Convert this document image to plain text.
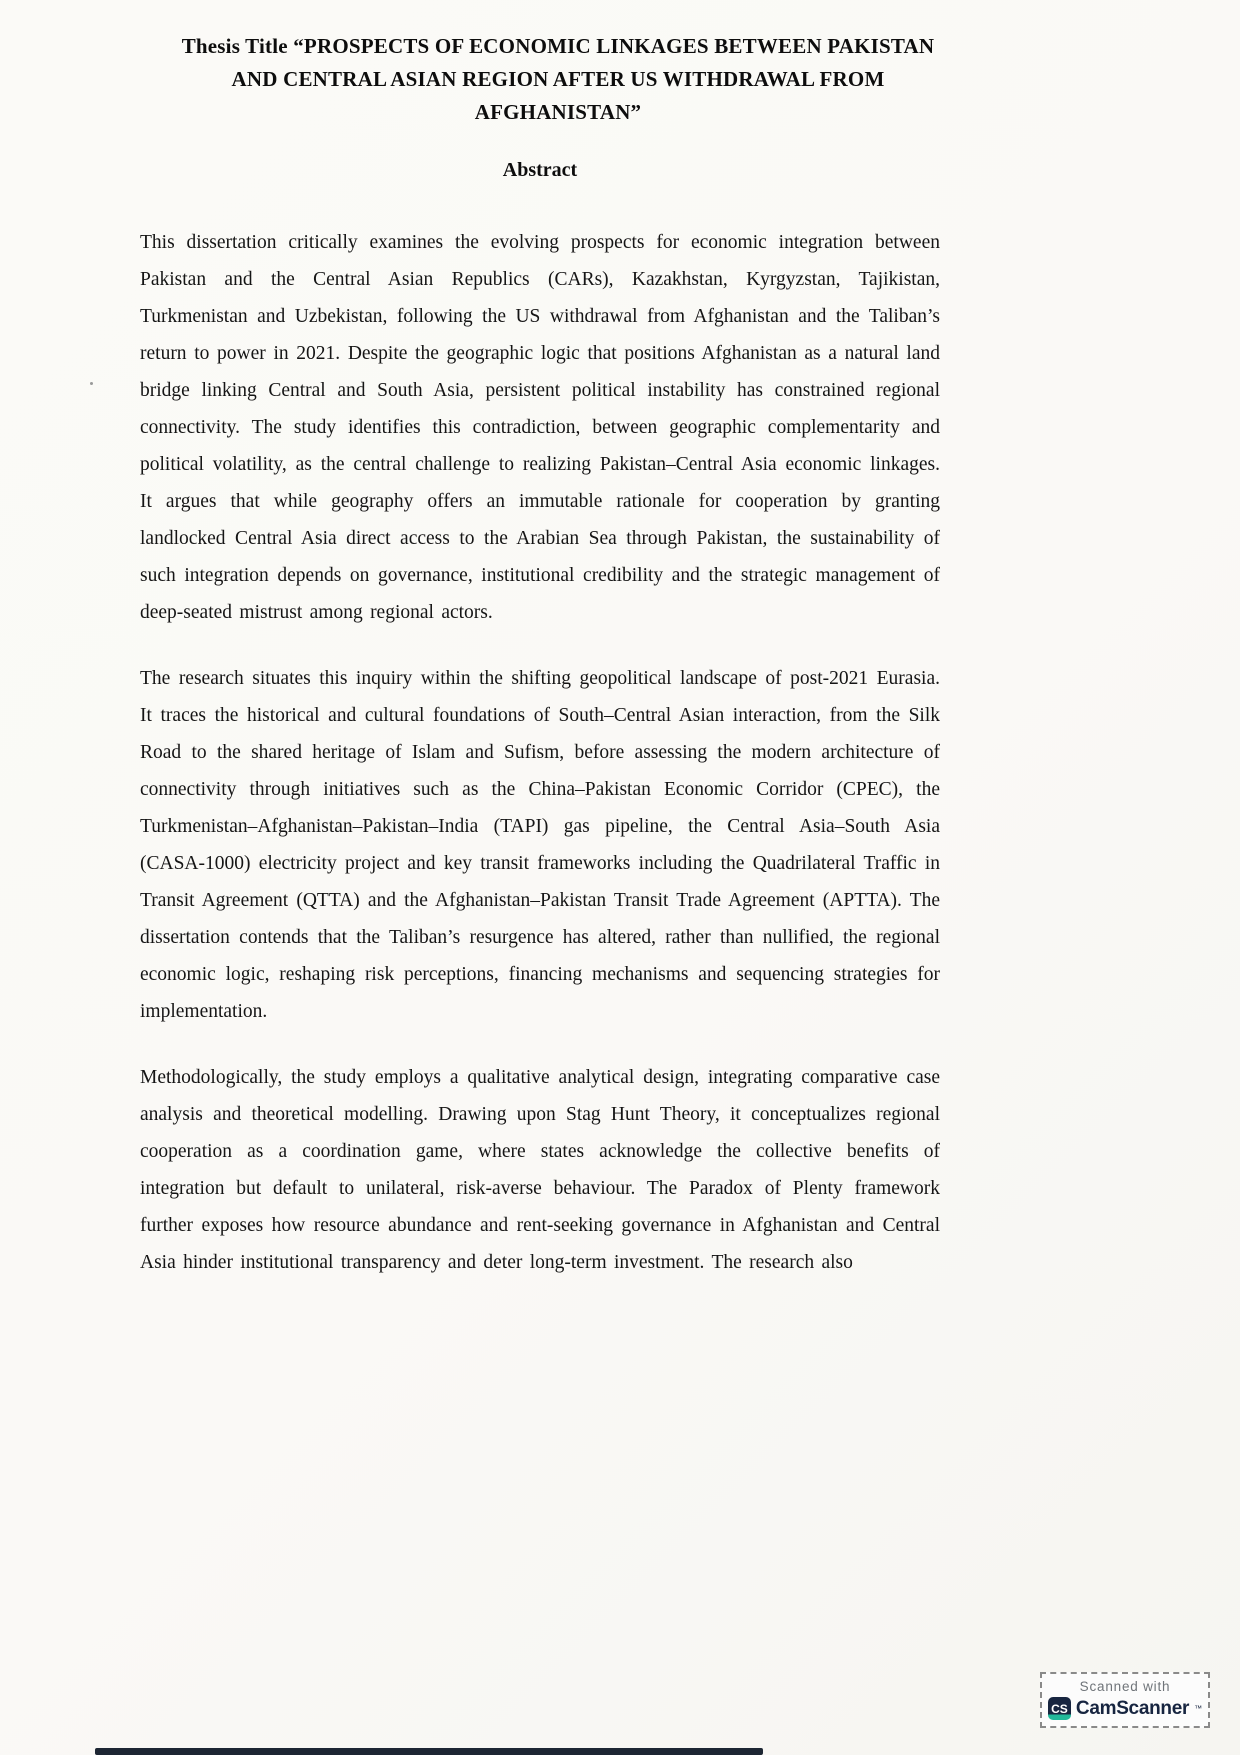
Thesis Title “PROSPECTS OF ECONOMIC LINKAGES BETWEEN PAKISTAN
AND CENTRAL ASIAN REGION AFTER US WITHDRAWAL FROM
AFGHANISTAN”
Abstract

This dissertation critically examines the evolving prospects for economic integration between Pakistan and the Central Asian Republics (CARs), Kazakhstan, Kyrgyzstan, Tajikistan, Turkmenistan and Uzbekistan, following the US withdrawal from Afghanistan and the Taliban’s return to power in 2021. Despite the geographic logic that positions Afghanistan as a natural land bridge linking Central and South Asia, persistent political instability has constrained regional connectivity. The study identifies this contradiction, between geographic complementarity and political volatility, as the central challenge to realizing Pakistan–Central Asia economic linkages. It argues that while geography offers an immutable rationale for cooperation by granting landlocked Central Asia direct access to the Arabian Sea through Pakistan, the sustainability of such integration depends on governance, institutional credibility and the strategic management of deep-seated mistrust among regional actors.

The research situates this inquiry within the shifting geopolitical landscape of post-2021 Eurasia. It traces the historical and cultural foundations of South–Central Asian interaction, from the Silk Road to the shared heritage of Islam and Sufism, before assessing the modern architecture of connectivity through initiatives such as the China–Pakistan Economic Corridor (CPEC), the Turkmenistan–Afghanistan–Pakistan–India (TAPI) gas pipeline, the Central Asia–South Asia (CASA-1000) electricity project and key transit frameworks including the Quadrilateral Traffic in Transit Agreement (QTTA) and the Afghanistan–Pakistan Transit Trade Agreement (APTTA). The dissertation contends that the Taliban’s resurgence has altered, rather than nullified, the regional economic logic, reshaping risk perceptions, financing mechanisms and sequencing strategies for implementation.

Methodologically, the study employs a qualitative analytical design, integrating comparative case analysis and theoretical modelling. Drawing upon Stag Hunt Theory, it conceptualizes regional cooperation as a coordination game, where states acknowledge the collective benefits of integration but default to unilateral, risk-averse behaviour. The Paradox of Plenty framework further exposes how resource abundance and rent-seeking governance in Afghanistan and Central Asia hinder institutional transparency and deter long-term investment. The research also

Scanned with
CS CamScanner ™
